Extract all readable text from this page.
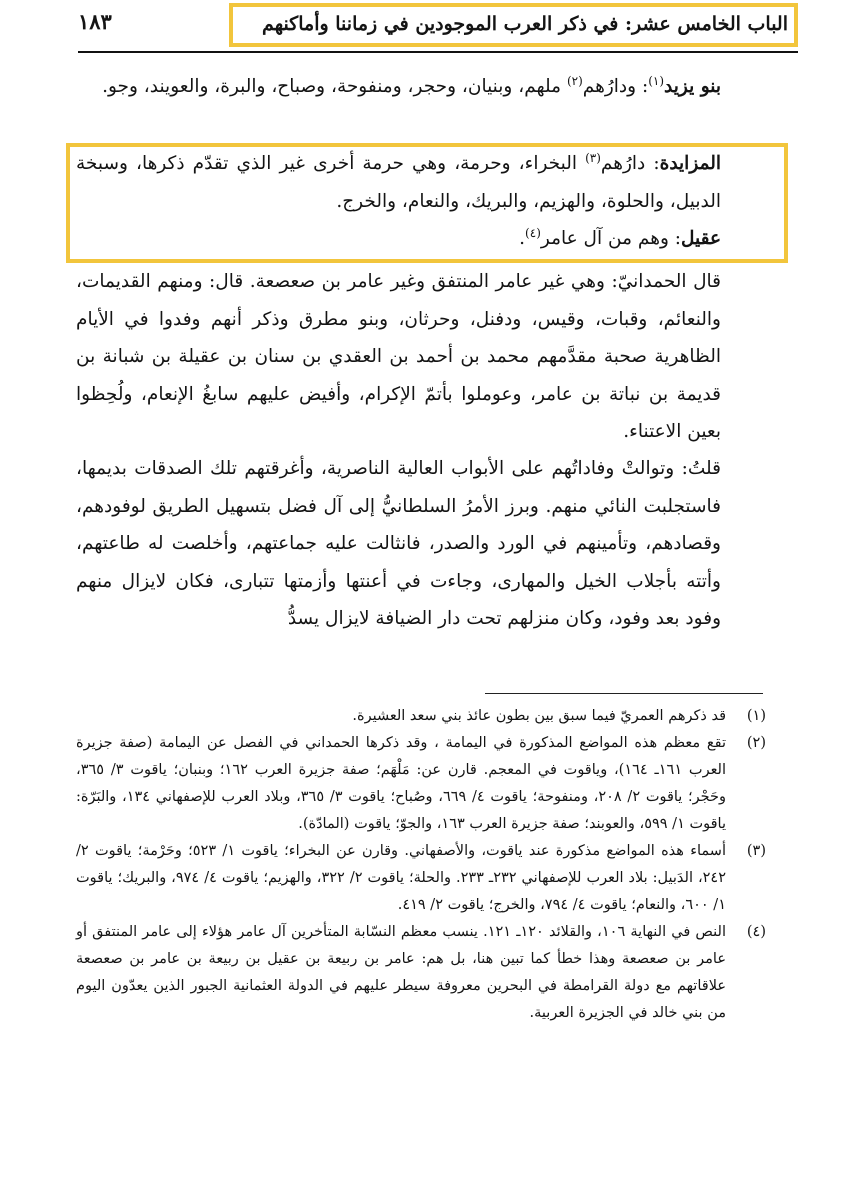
الباب الخامس عشر: في ذكر العرب الموجودين في زماننا وأماكنهم
١٨٣
بنو يزيد$^{(١)}$: ودارُهم$^{(٢)}$ ملهم، وبنيان، وحجر، ومنفوحة، وصباح، والبرة، والعويند، وجو.
المزايدة: دارُهم$^{(٣)}$ البخراء، وحرمة، وهي حرمة أخرى غير الذي تقدّم ذكرها، وسبخة الدبيل، والحلوة، والهزيم، والبريك، والنعام، والخرج.
عقيل: وهم من آل عامر$^{(٤)}$.
قال الحمدانيّ: وهي غير عامر المنتفق وغير عامر بن صعصعة. قال: ومنهم القديمات، والنعائم، وقبات، وقيس، ودفنل، وحرثان، وبنو مطرق وذكر أنهم وفدوا في الأيام الظاهرية صحبة مقدَّمهم محمد بن أحمد بن العقدي بن سنان بن عقيلة بن شبانة بن قديمة بن نباتة بن عامر، وعوملوا بأتمّ الإكرام، وأفيض عليهم سابغُ الإنعام، ولُحِظوا بعين الاعتناء.
قلتُ: وتوالتْ وفاداتُهم على الأبواب العالية الناصرية، وأغرقتهم تلك الصدقات بديمها، فاستجلبت النائي منهم. وبرز الأمرُ السلطانيُّ إلى آل فضل بتسهيل الطريق لوفودهم، وقصادهم، وتأمينهم في الورد والصدر، فانثالت عليه جماعتهم، وأخلصت له طاعتهم، وأتته بأجلاب الخيل والمهارى، وجاءت في أعنتها وأزمتها تتبارى، فكان لايزال منهم وفود بعد وفود، وكان منزلهم تحت دار الضيافة لايزال يسدُّ
(١)
قد ذكرهم العمريّ فيما سبق بين بطون عائذ بني سعد العشيرة.
(٢)
تقع معظم هذه المواضع المذكورة في اليمامة ، وقد ذكرها الحمداني في الفصل عن اليمامة (صفة جزيرة العرب ١٦١ـ ١٦٤)، وياقوت في المعجم. قارن عن: مَلْهَم؛ صفة جزيرة العرب ١٦٢؛ وبنبان؛ ياقوت ٣/ ٣٦٥، وحَجْر؛ ياقوت ٢/ ٢٠٨، ومنفوحة؛ ياقوت ٤/ ٦٦٩، وصُباح؛ ياقوت ٣/ ٣٦٥، وبلاد العرب للإصفهاني ١٣٤، والبَرّة: ياقوت ١/ ٥٩٩، والعوبند؛ صفة جزيرة العرب ١٦٣، والجوّ؛ ياقوت (المادّة).
(٣)
أسماء هذه المواضع مذكورة عند ياقوت، والأصفهاني. وقارن عن البخراء؛ ياقوت ١/ ٥٢٣؛ وحَرْمة؛ ياقوت ٢/ ٢٤٢، الدَبيل: بلاد العرب للإصفهاني ٢٣٢ـ ٢٣٣. والحلة؛ ياقوت ٢/ ٣٢٢، والهزيم؛ ياقوت ٤/ ٩٧٤، والبريك؛ ياقوت ١/ ٦٠٠، والنعام؛ ياقوت ٤/ ٧٩٤، والخرج؛ ياقوت ٢/ ٤١٩.
(٤)
النص في النهاية ١٠٦، والقلائد ١٢٠ـ ١٢١. ينسب معظم النسّابة المتأخرين آل عامر هؤلاء إلى عامر المنتفق أو عامر بن صعصعة وهذا خطأ كما تبين هنا، بل هم: عامر بن ربيعة بن عقيل بن ربيعة بن عامر بن صعصعة علاقاتهم مع دولة القرامطة في البحرين معروفة سيطر عليهم في الدولة العثمانية الجبور الذين يعدّون اليوم من بني خالد في الجزيرة العربية.
